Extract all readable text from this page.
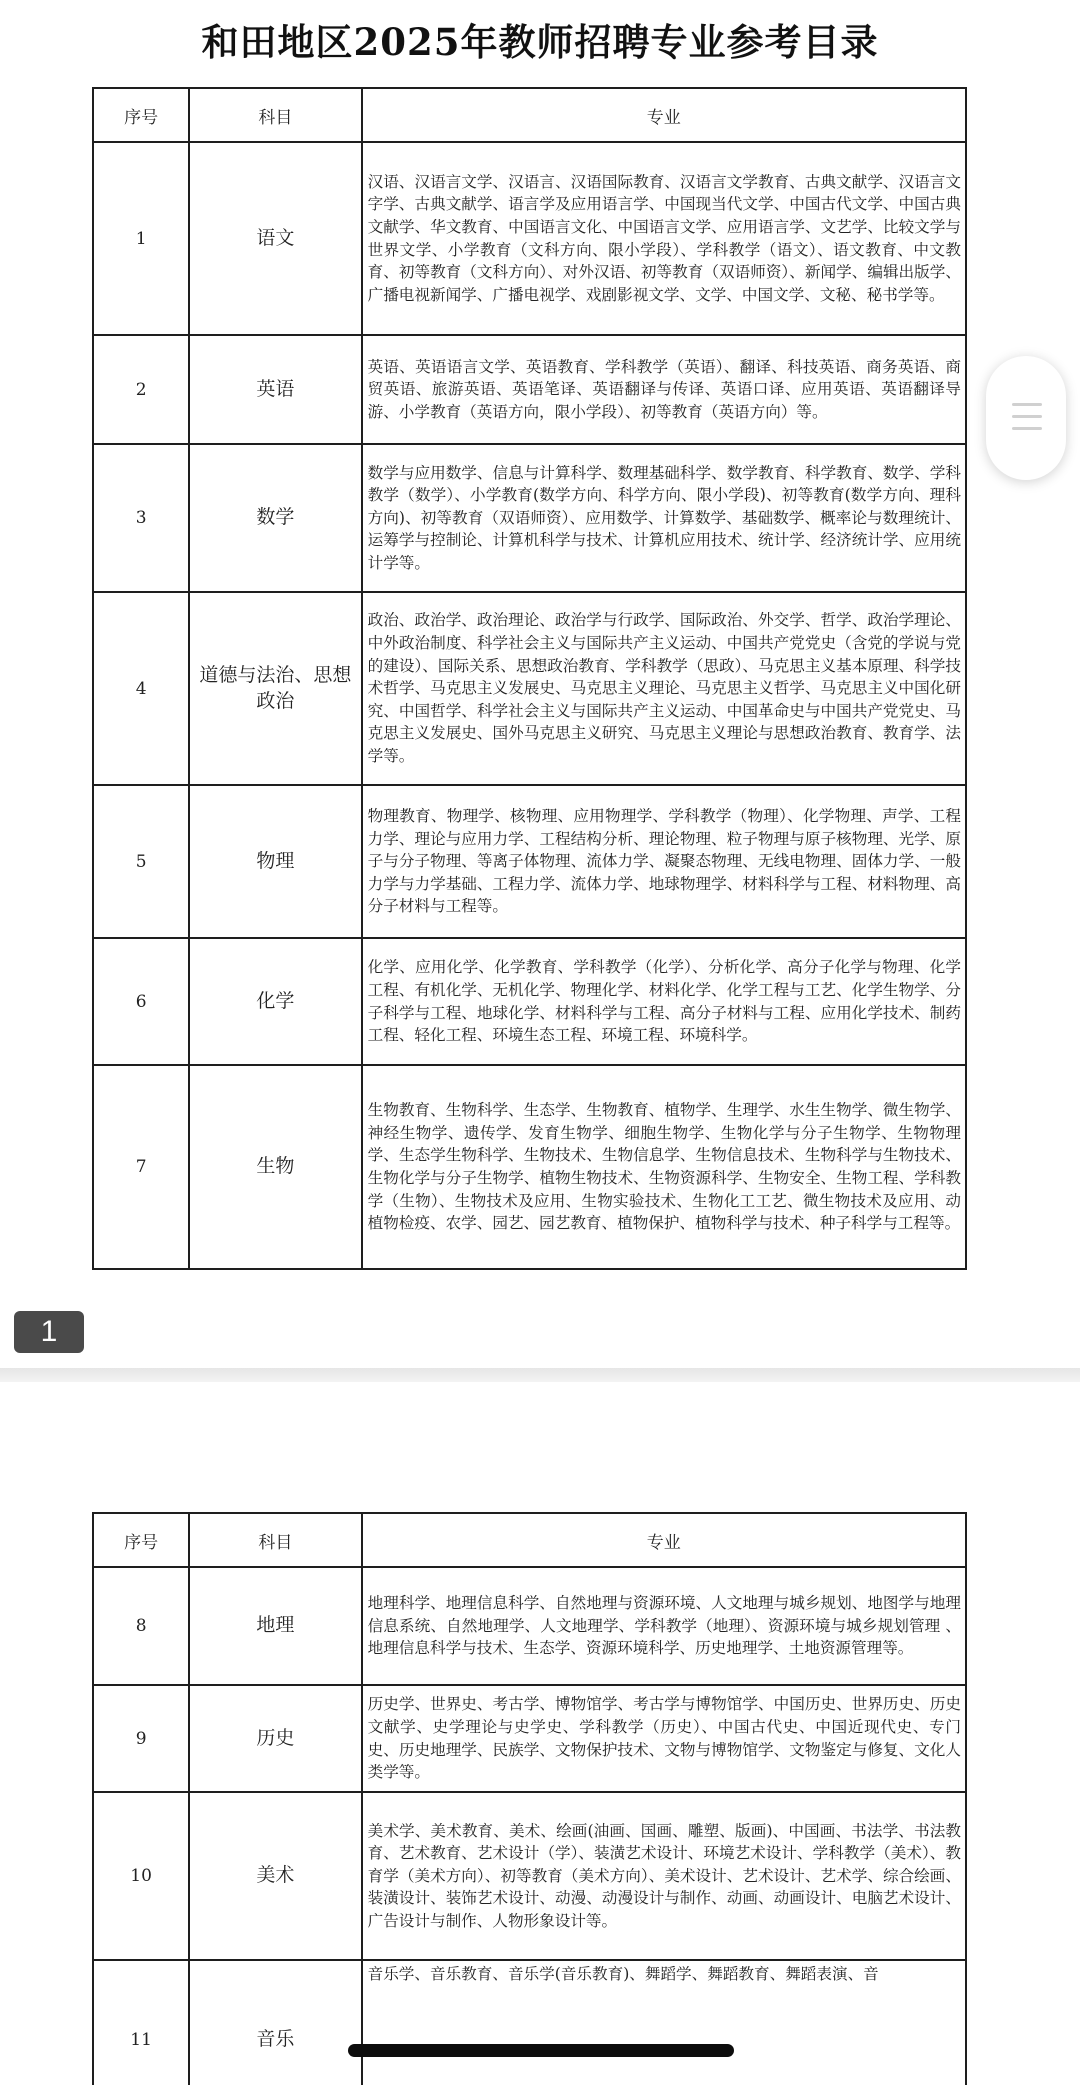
和田地区2025年教师招聘专业参考目录
序号	科目	专业
1	语文	汉语、汉语言文学、汉语言、汉语国际教育、汉语言文学教育、古典文献学、汉语言文字学、古典文献学、语言学及应用语言学、中国现当代文学、中国古代文学、中国古典文献学、华文教育、中国语言文化、中国语言文学、应用语言学、文艺学、比较文学与世界文学、小学教育（文科方向、限小学段）、学科教学（语文）、语文教育、中文教育、初等教育（文科方向）、对外汉语、初等教育（双语师资）、新闻学、编辑出版学、广播电视新闻学、广播电视学、戏剧影视文学、文学、中国文学、文秘、秘书学等。
2	英语	英语、英语语言文学、英语教育、学科教学（英语）、翻译、科技英语、商务英语、商贸英语、旅游英语、英语笔译、英语翻译与传译、英语口译、应用英语、英语翻译导游、小学教育（英语方向，限小学段）、初等教育（英语方向）等。
3	数学	数学与应用数学、信息与计算科学、数理基础科学、数学教育、科学教育、数学、学科教学（数学）、小学教育(数学方向、科学方向、限小学段)、初等教育(数学方向、理科方向)、初等教育（双语师资）、应用数学、计算数学、基础数学、概率论与数理统计、运筹学与控制论、计算机科学与技术、计算机应用技术、统计学、经济统计学、应用统计学等。
4	道德与法治、思想政治	政治、政治学、政治理论、政治学与行政学、国际政治、外交学、哲学、政治学理论、中外政治制度、科学社会主义与国际共产主义运动、中国共产党党史（含党的学说与党的建设）、国际关系、思想政治教育、学科教学（思政）、马克思主义基本原理、科学技术哲学、马克思主义发展史、马克思主义理论、马克思主义哲学、马克思主义中国化研究、中国哲学、科学社会主义与国际共产主义运动、中国革命史与中国共产党党史、马克思主义发展史、国外马克思主义研究、马克思主义理论与思想政治教育、教育学、法学等。
5	物理	物理教育、物理学、核物理、应用物理学、学科教学（物理）、化学物理、声学、工程力学、理论与应用力学、工程结构分析、理论物理、粒子物理与原子核物理、光学、原子与分子物理、等离子体物理、流体力学、凝聚态物理、无线电物理、固体力学、一般力学与力学基础、工程力学、流体力学、地球物理学、材料科学与工程、材料物理、高分子材料与工程等。
6	化学	化学、应用化学、化学教育、学科教学（化学）、分析化学、高分子化学与物理、化学工程、有机化学、无机化学、物理化学、材料化学、化学工程与工艺、化学生物学、分子科学与工程、地球化学、材料科学与工程、高分子材料与工程、应用化学技术、制药工程、轻化工程、环境生态工程、环境工程、环境科学。
7	生物	生物教育、生物科学、生态学、生物教育、植物学、生理学、水生生物学、微生物学、神经生物学、遗传学、发育生物学、细胞生物学、生物化学与分子生物学、生物物理学、生态学生物科学、生物技术、生物信息学、生物信息技术、生物科学与生物技术、生物化学与分子生物学、植物生物技术、生物资源科学、生物安全、生物工程、学科教学（生物）、生物技术及应用、生物实验技术、生物化工工艺、微生物技术及应用、动植物检疫、农学、园艺、园艺教育、植物保护、植物科学与技术、种子科学与工程等。
1
序号	科目	专业
8	地理	地理科学、地理信息科学、自然地理与资源环境、人文地理与城乡规划、地图学与地理信息系统、自然地理学、人文地理学、学科教学（地理）、资源环境与城乡规划管理 、地理信息科学与技术、生态学、资源环境科学、历史地理学、土地资源管理等。
9	历史	历史学、世界史、考古学、博物馆学、考古学与博物馆学、中国历史、世界历史、历史文献学、史学理论与史学史、学科教学（历史）、中国古代史、中国近现代史、专门史、历史地理学、民族学、文物保护技术、文物与博物馆学、文物鉴定与修复、文化人类学等。
10	美术	美术学、美术教育、美术、绘画(油画、国画、雕塑、版画)、中国画、书法学、书法教育、艺术教育、艺术设计（学）、装潢艺术设计、环境艺术设计、学科教学（美术）、教育学（美术方向）、初等教育（美术方向）、美术设计、艺术设计、艺术学、综合绘画、装潢设计、装饰艺术设计、动漫、动漫设计与制作、动画、动画设计、电脑艺术设计、广告设计与制作、人物形象设计等。
11	音乐	音乐学、音乐教育、音乐学(音乐教育)、舞蹈学、舞蹈教育、舞蹈表演、音
